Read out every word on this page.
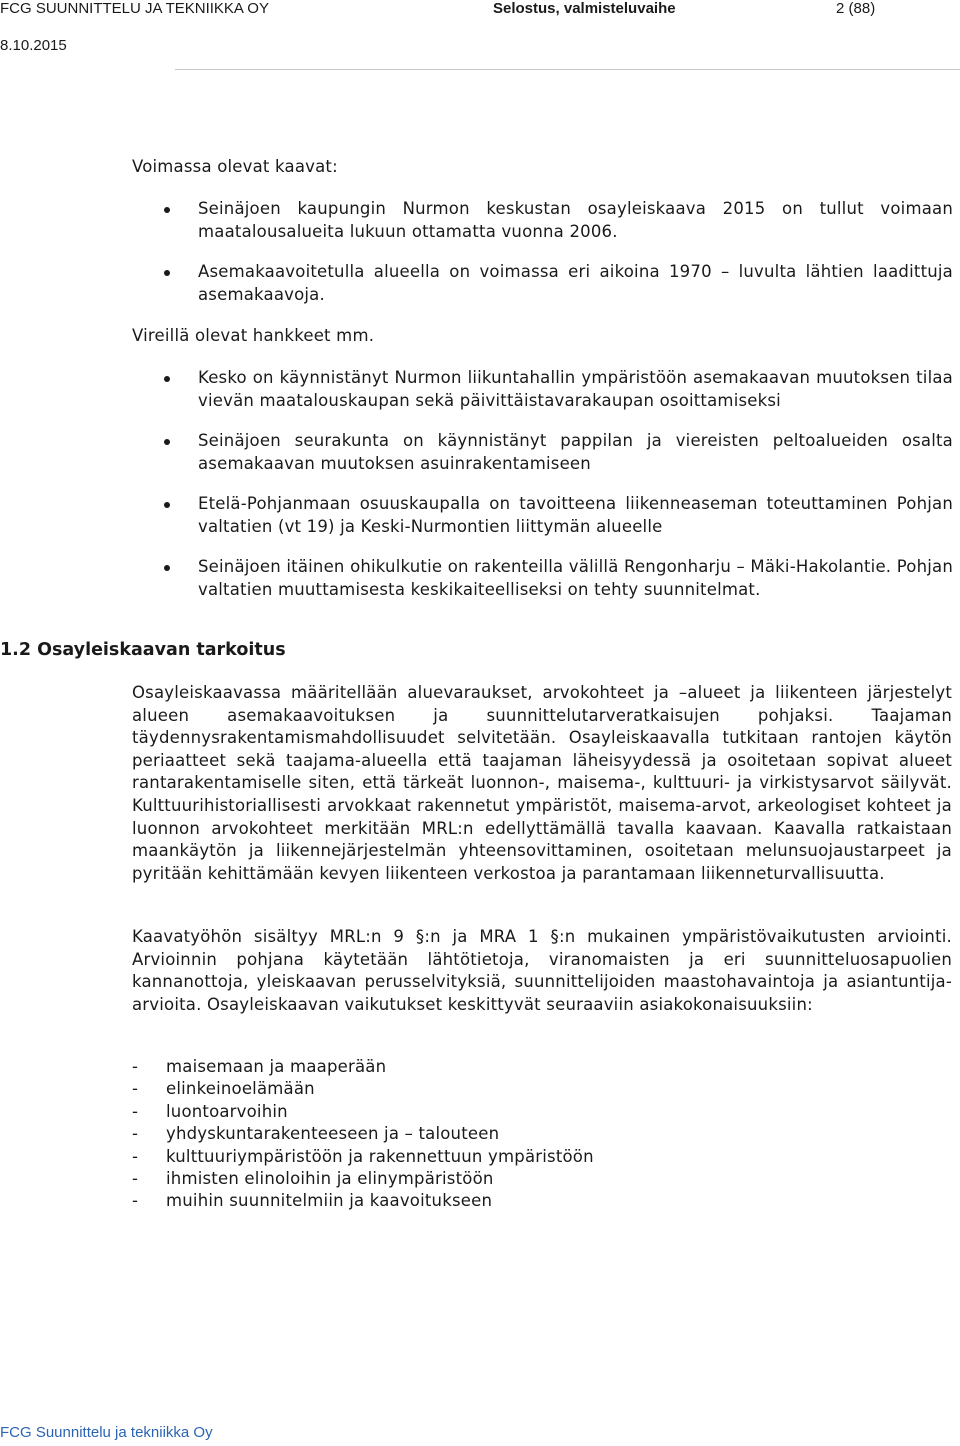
FCG SUUNNITTELU JA TEKNIIKKA OY	Selostus, valmisteluvaihe	2 (88)
8.10.2015
Voimassa olevat kaavat:
Seinäjoen kaupungin Nurmon keskustan osayleiskaava 2015 on tullut voimaan maatalousalueita lukuun ottamatta vuonna 2006.
Asemakaavoitetulla alueella on voimassa eri aikoina 1970 – luvulta lähtien laadittuja asemakaavoja.
Vireillä olevat hankkeet mm.
Kesko on käynnistänyt Nurmon liikuntahallin ympäristöön asemakaavan muutoksen tilaa vievän maatalouskaupan sekä päivittäistavarakaupan osoittamiseksi
Seinäjoen seurakunta on käynnistänyt pappilan ja viereisten peltoalueiden osalta asemakaavan muutoksen asuinrakentamiseen
Etelä-Pohjanmaan osuuskaupalla on tavoitteena liikenneaseman toteuttaminen Pohjan valtatien (vt 19) ja Keski-Nurmontien liittymän alueelle
Seinäjoen itäinen ohikulkutie on rakenteilla välillä Rengonharju – Mäki-Hakolantie. Pohjan valtatien muuttamisesta keskikaiteelliseksi on tehty suunnitelmat.
1.2 Osayleiskaavan tarkoitus

Osayleiskaavassa määritellään aluevaraukset, arvokohteet ja –alueet ja liikenteen järjestelyt alueen asemakaavoituksen ja suunnittelutarveratkaisujen pohjaksi. Taajaman täydennysrakentamismahdollisuudet selvitetään. Osayleiskaavalla tutkitaan rantojen käytön periaatteet sekä taajama-alueella että taajaman läheisyydessä ja osoitetaan sopivat alueet rantarakentamiselle siten, että tärkeät luonnon-, maisema-, kulttuuri- ja virkistysarvot säilyvät. Kulttuurihistoriallisesti arvokkaat rakennetut ympäristöt, maisema-arvot, arkeologiset kohteet ja luonnon arvokohteet merkitään MRL:n edellyttämällä tavalla kaavaan. Kaavalla ratkaistaan maankäytön ja liikennejärjestelmän yhteensovittaminen, osoitetaan melunsuojaustarpeet ja pyritään kehittämään kevyen liikenteen verkostoa ja parantamaan liikenneturvallisuutta.

Kaavatyöhön sisältyy MRL:n 9 §:n ja MRA 1 §:n mukainen ympäristövaikutusten arviointi. Arvioinnin pohjana käytetään lähtötietoja, viranomaisten ja eri suunnitteluosapuolien kannanottoja, yleiskaavan perusselvityksiä, suunnittelijoiden maastohavaintoja ja asiantuntija-arvioita. Osayleiskaavan vaikutukset keskittyvät seuraaviin asiakokonaisuuksiin:

- maisemaan ja maaperään
- elinkeinoelämään
- luontoarvoihin
- yhdyskuntarakenteeseen ja – talouteen
- kulttuuriympäristöön ja rakennettuun ympäristöön
- ihmisten elinoloihin ja elinympäristöön
- muihin suunnitelmiin ja kaavoitukseen
FCG Suunnittelu ja tekniikka Oy
